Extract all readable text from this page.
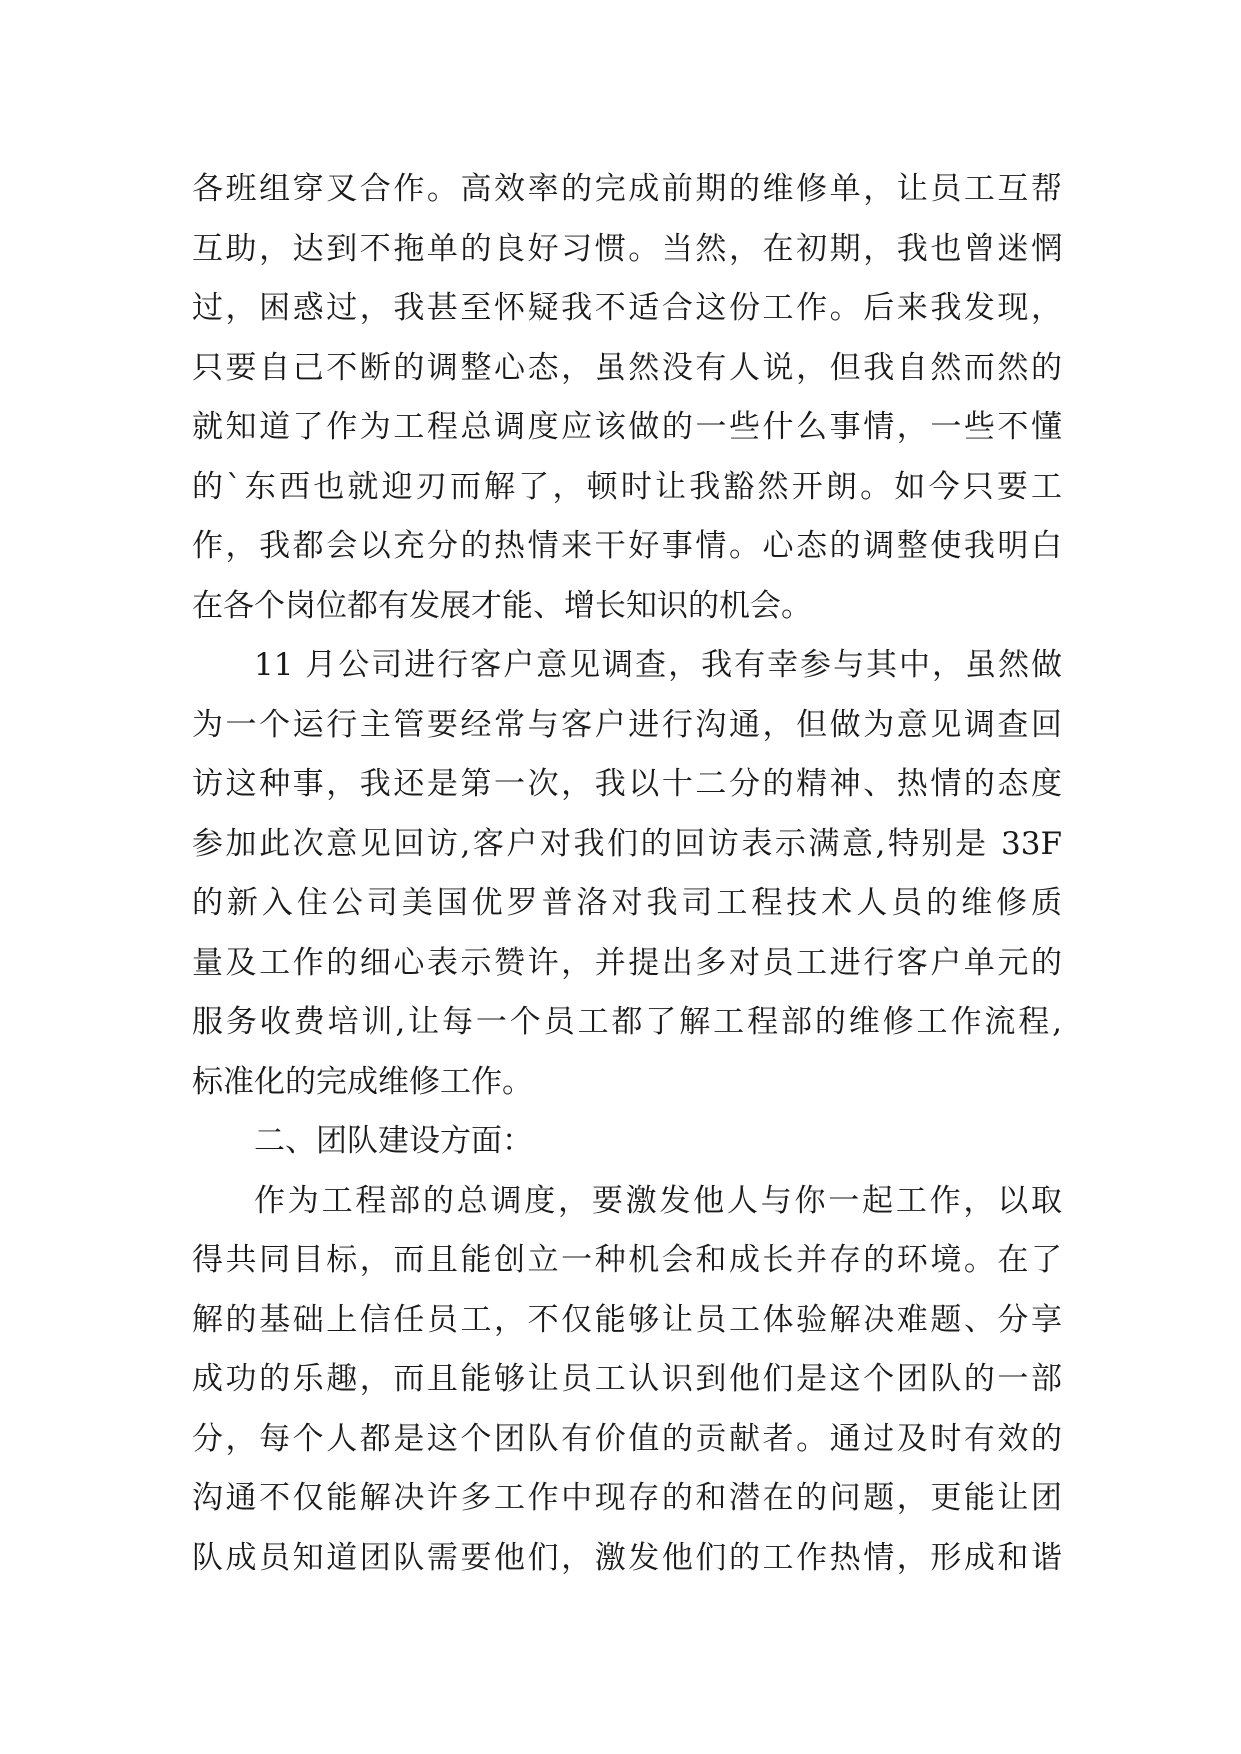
各班组穿叉合作。高效率的完成前期的维修单，让员工互帮
互助，达到不拖单的良好习惯。当然，在初期，我也曾迷惘
过，困惑过，我甚至怀疑我不适合这份工作。后来我发现，
只要自己不断的调整心态，虽然没有人说，但我自然而然的
就知道了作为工程总调度应该做的一些什么事情，一些不懂
的`东西也就迎刃而解了，顿时让我豁然开朗。如今只要工
作，我都会以充分的热情来干好事情。心态的调整使我明白
在各个岗位都有发展才能、增长知识的机会。
11 月公司进行客户意见调查，我有幸参与其中，虽然做
为一个运行主管要经常与客户进行沟通，但做为意见调查回
访这种事，我还是第一次，我以十二分的精神、热情的态度
参加此次意见回访,客户对我们的回访表示满意,特别是 33F
的新入住公司美国优罗普洛对我司工程技术人员的维修质
量及工作的细心表示赞许，并提出多对员工进行客户单元的
服务收费培训,让每一个员工都了解工程部的维修工作流程,
标准化的完成维修工作。
二、团队建设方面：
作为工程部的总调度，要激发他人与你一起工作，以取
得共同目标，而且能创立一种机会和成长并存的环境。在了
解的基础上信任员工，不仅能够让员工体验解决难题、分享
成功的乐趣，而且能够让员工认识到他们是这个团队的一部
分，每个人都是这个团队有价值的贡献者。通过及时有效的
沟通不仅能解决许多工作中现存的和潜在的问题，更能让团
队成员知道团队需要他们，激发他们的工作热情，形成和谐
